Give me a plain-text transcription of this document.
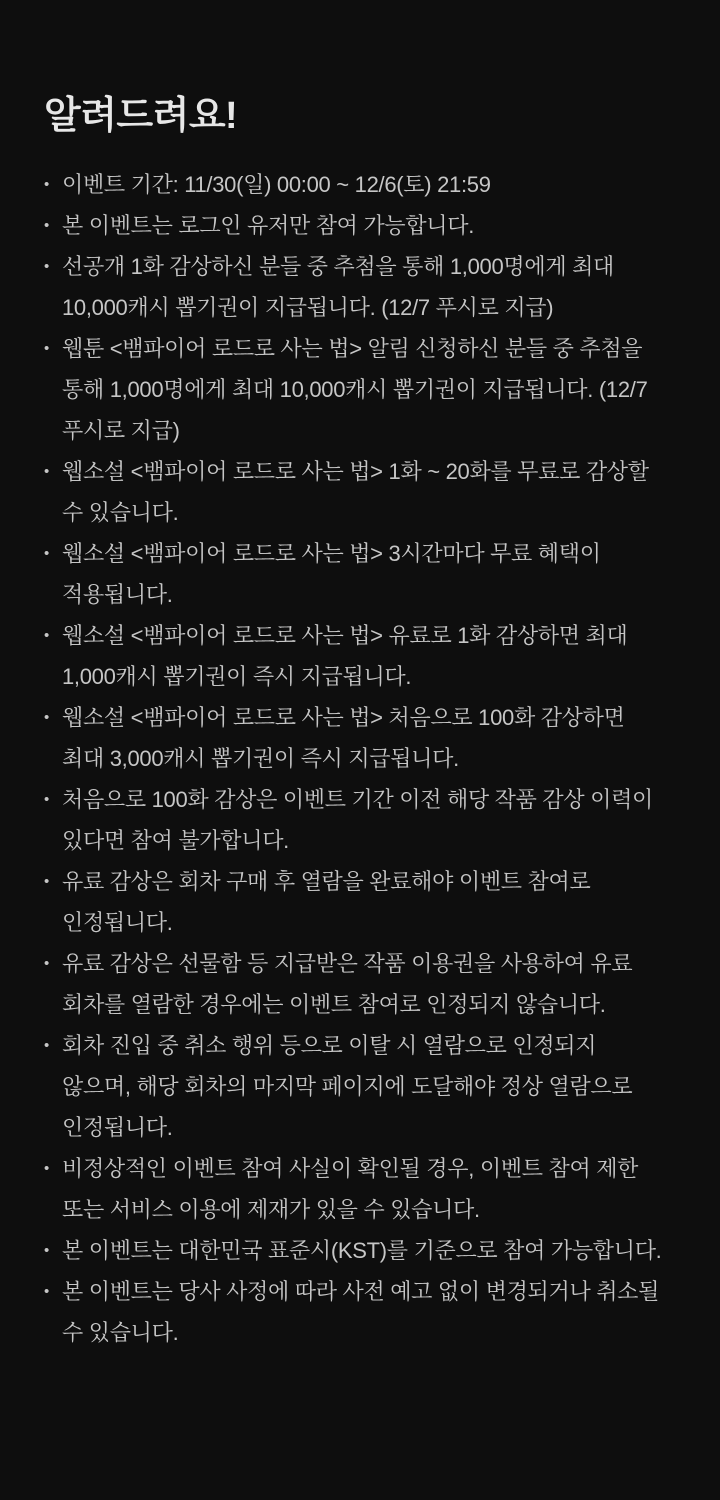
알려드려요!
• 이벤트 기간: 11/30(일) 00:00 ~ 12/6(토) 21:59
• 본 이벤트는 로그인 유저만 참여 가능합니다.
• 선공개 1화 감상하신 분들 중 추첨을 통해 1,000명에게 최대 10,000캐시 뽑기권이 지급됩니다. (12/7 푸시로 지급)
• 웹툰 <뱀파이어 로드로 사는 법> 알림 신청하신 분들 중 추첨을 통해 1,000명에게 최대 10,000캐시 뽑기권이 지급됩니다. (12/7 푸시로 지급)
• 웹소설 <뱀파이어 로드로 사는 법> 1화 ~ 20화를 무료로 감상할 수 있습니다.
• 웹소설 <뱀파이어 로드로 사는 법> 3시간마다 무료 혜택이 적용됩니다.
• 웹소설 <뱀파이어 로드로 사는 법> 유료로 1화 감상하면 최대 1,000캐시 뽑기권이 즉시 지급됩니다.
• 웹소설 <뱀파이어 로드로 사는 법> 처음으로 100화 감상하면 최대 3,000캐시 뽑기권이 즉시 지급됩니다.
• 처음으로 100화 감상은 이벤트 기간 이전 해당 작품 감상 이력이 있다면 참여 불가합니다.
• 유료 감상은 회차 구매 후 열람을 완료해야 이벤트 참여로 인정됩니다.
• 유료 감상은 선물함 등 지급받은 작품 이용권을 사용하여 유료 회차를 열람한 경우에는 이벤트 참여로 인정되지 않습니다.
• 회차 진입 중 취소 행위 등으로 이탈 시 열람으로 인정되지 않으며, 해당 회차의 마지막 페이지에 도달해야 정상 열람으로 인정됩니다.
• 비정상적인 이벤트 참여 사실이 확인될 경우, 이벤트 참여 제한 또는 서비스 이용에 제재가 있을 수 있습니다.
• 본 이벤트는 대한민국 표준시(KST)를 기준으로 참여 가능합니다.
• 본 이벤트는 당사 사정에 따라 사전 예고 없이 변경되거나 취소될 수 있습니다.
